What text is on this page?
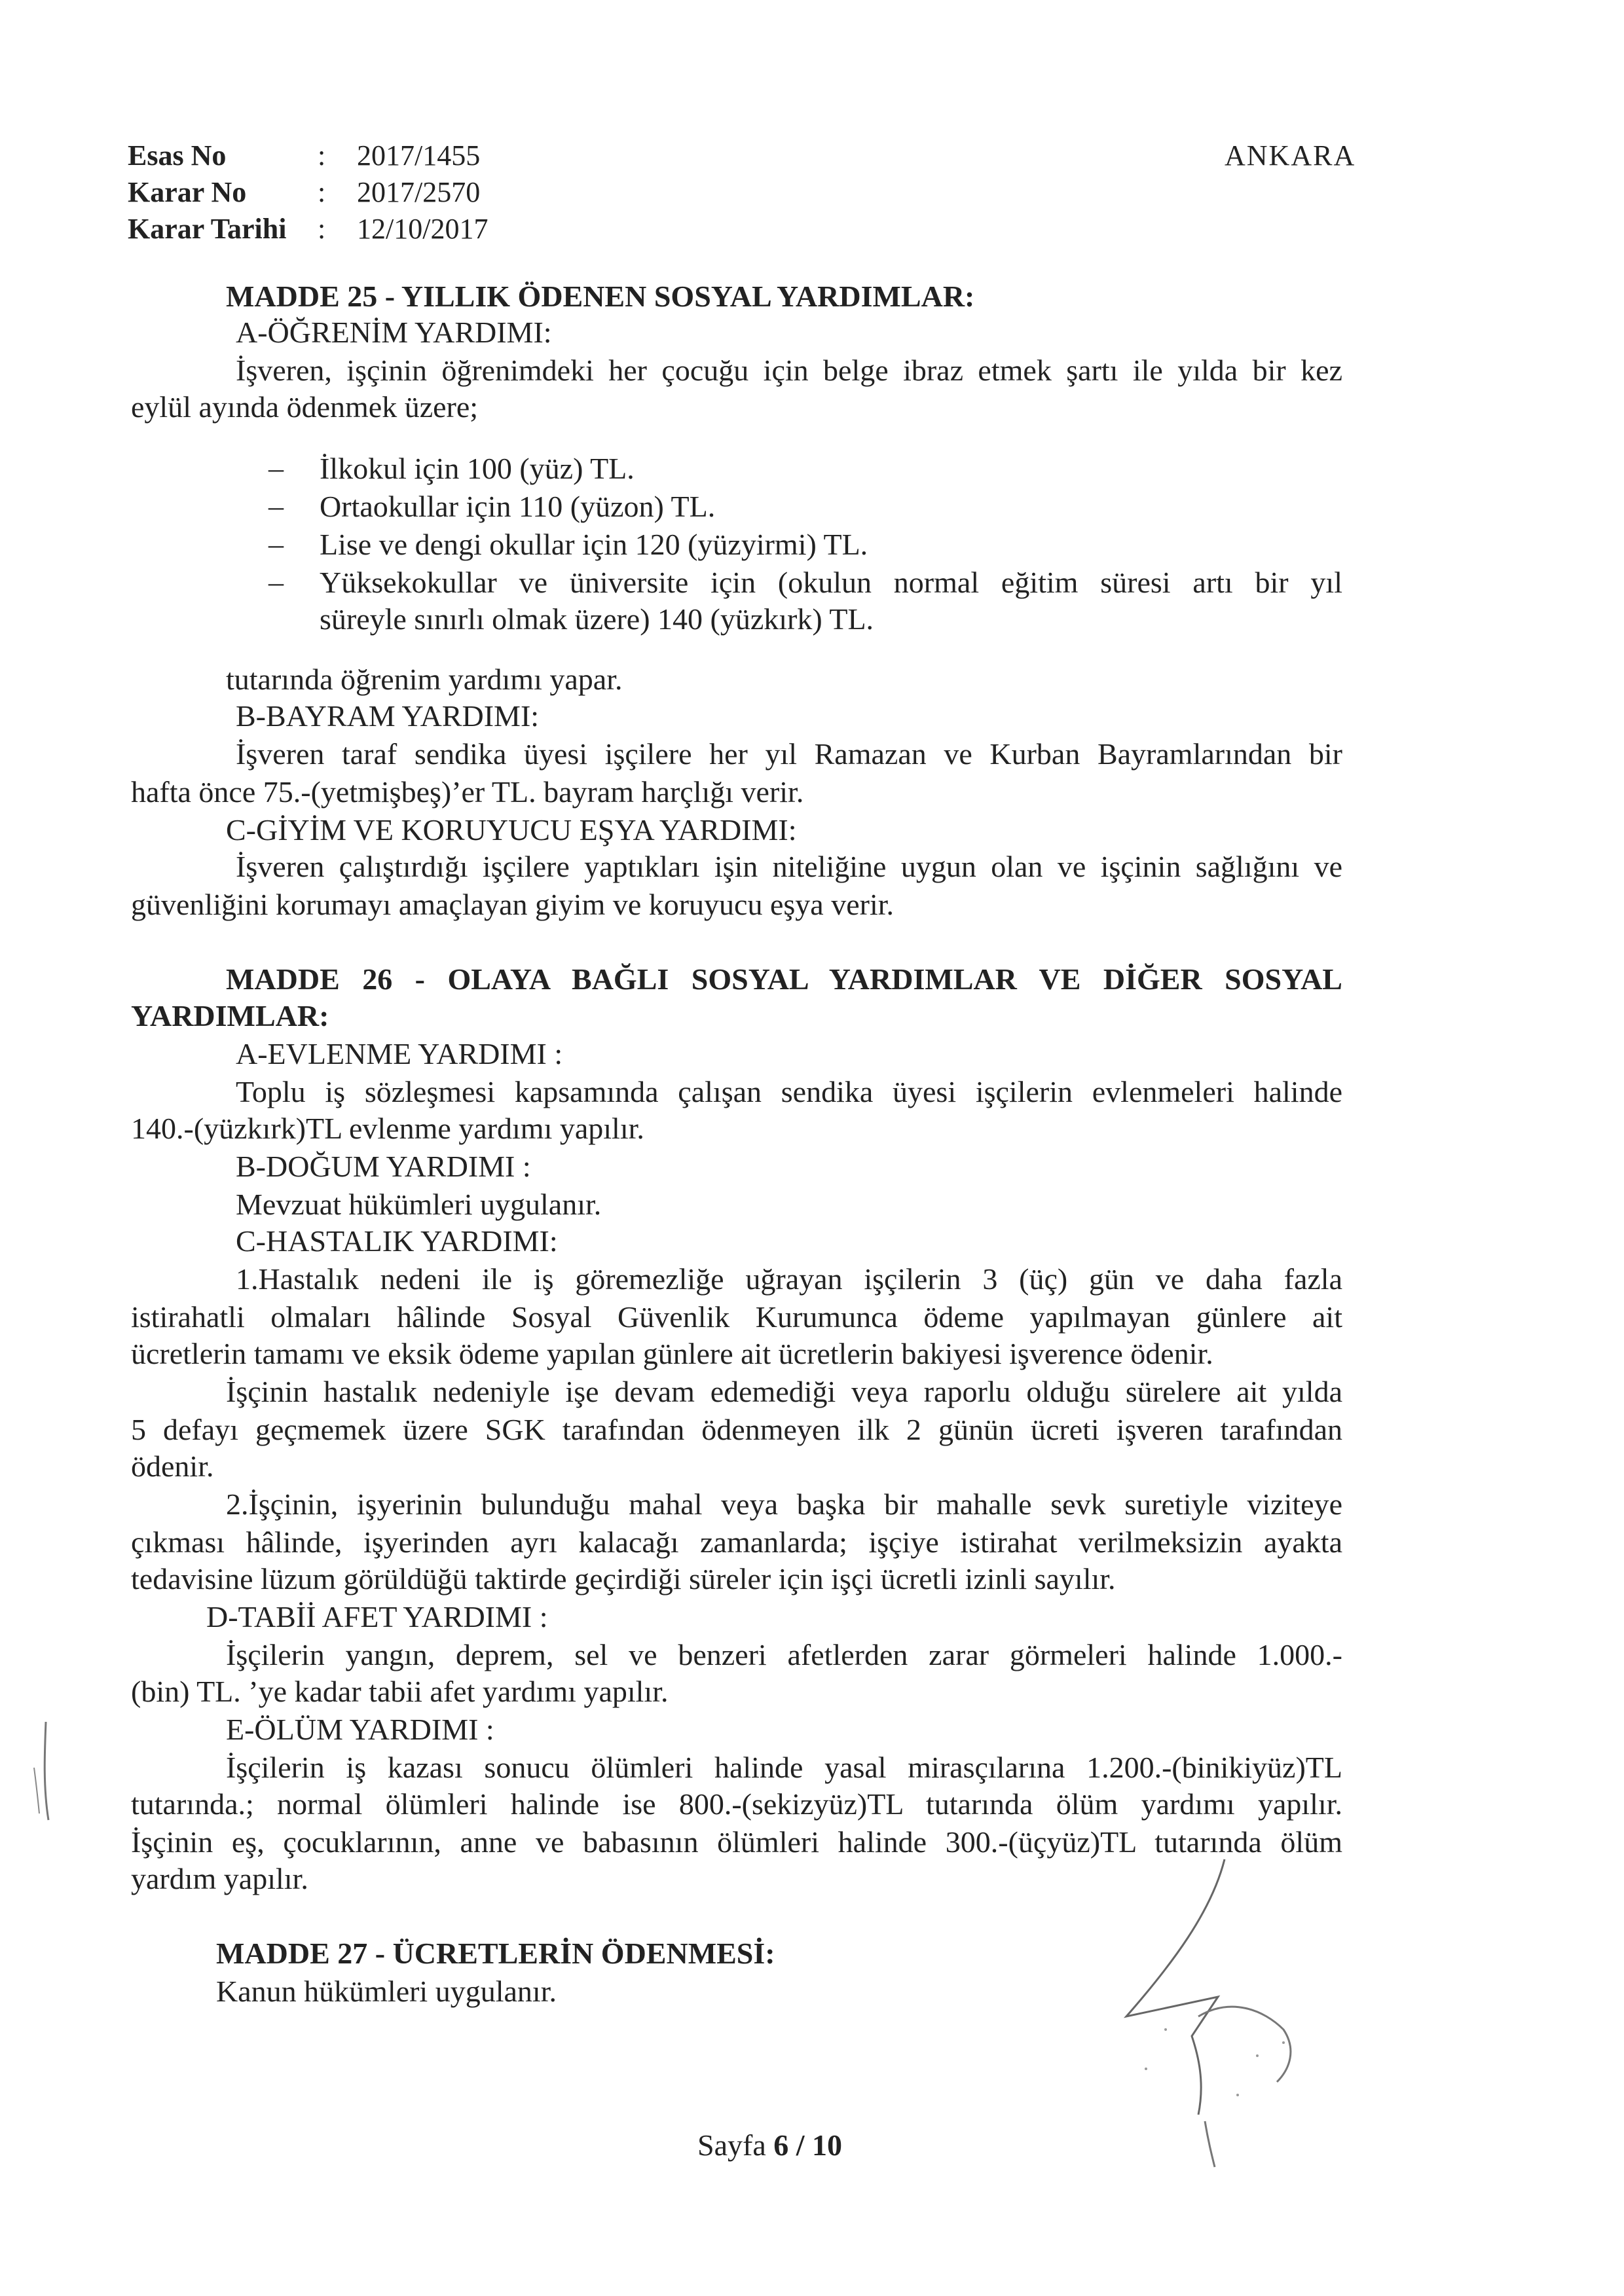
Esas No	: 2017/1455
Karar No : 2017/2570
Karar Tarihi : 12/10/2017
ANKARA
MADDE 25 - YILLIK ÖDENEN SOSYAL YARDIMLAR:
A-ÖĞRENİM YARDIMI:
İşveren, işçinin öğrenimdeki her çocuğu için belge ibraz etmek şartı ile yılda bir kez
eylül ayında ödenmek üzere;
– İlkokul için 100 (yüz) TL.
– Ortaokullar için 110 (yüzon) TL.
– Lise ve dengi okullar için 120 (yüzyirmi) TL.
– Yüksekokullar ve üniversite için (okulun normal eğitim süresi artı bir yıl
süreyle sınırlı olmak üzere) 140 (yüzkırk) TL.
tutarında öğrenim yardımı yapar.
B-BAYRAM YARDIMI:
İşveren taraf sendika üyesi işçilere her yıl Ramazan ve Kurban Bayramlarından bir
hafta önce 75.-(yetmişbeş)’er TL. bayram harçlığı verir.
C-GİYİM VE KORUYUCU EŞYA YARDIMI:
İşveren çalıştırdığı işçilere yaptıkları işin niteliğine uygun olan ve işçinin sağlığını ve
güvenliğini korumayı amaçlayan giyim ve koruyucu eşya verir.
MADDE 26 - OLAYA BAĞLI SOSYAL YARDIMLAR VE DİĞER SOSYAL
YARDIMLAR:
A-EVLENME YARDIMI :
Toplu iş sözleşmesi kapsamında çalışan sendika üyesi işçilerin evlenmeleri halinde
140.-(yüzkırk)TL evlenme yardımı yapılır.
B-DOĞUM YARDIMI :
Mevzuat hükümleri uygulanır.
C-HASTALIK YARDIMI:
1.Hastalık nedeni ile iş göremezliğe uğrayan işçilerin 3 (üç) gün ve daha fazla
istirahatli olmaları hâlinde Sosyal Güvenlik Kurumunca ödeme yapılmayan günlere ait
ücretlerin tamamı ve eksik ödeme yapılan günlere ait ücretlerin bakiyesi işverence ödenir.
İşçinin hastalık nedeniyle işe devam edemediği veya raporlu olduğu sürelere ait yılda
5 defayı geçmemek üzere SGK tarafından ödenmeyen ilk 2 günün ücreti işveren tarafından
ödenir.
2.İşçinin, işyerinin bulunduğu mahal veya başka bir mahalle sevk suretiyle viziteye
çıkması hâlinde, işyerinden ayrı kalacağı zamanlarda; işçiye istirahat verilmeksizin ayakta
tedavisine lüzum görüldüğü taktirde geçirdiği süreler için işçi ücretli izinli sayılır.
D-TABİİ AFET YARDIMI :
İşçilerin yangın, deprem, sel ve benzeri afetlerden zarar görmeleri halinde 1.000.-
(bin) TL. ’ye kadar tabii afet yardımı yapılır.
E-ÖLÜM YARDIMI :
İşçilerin iş kazası sonucu ölümleri halinde yasal mirasçılarına 1.200.-(binikiyüz)TL
tutarında.; normal ölümleri halinde ise 800.-(sekizyüz)TL tutarında ölüm yardımı yapılır.
İşçinin eş, çocuklarının, anne ve babasının ölümleri halinde 300.-(üçyüz)TL tutarında ölüm
yardım yapılır.
MADDE 27 - ÜCRETLERİN ÖDENMESİ:
Kanun hükümleri uygulanır.
Sayfa 6 / 10
